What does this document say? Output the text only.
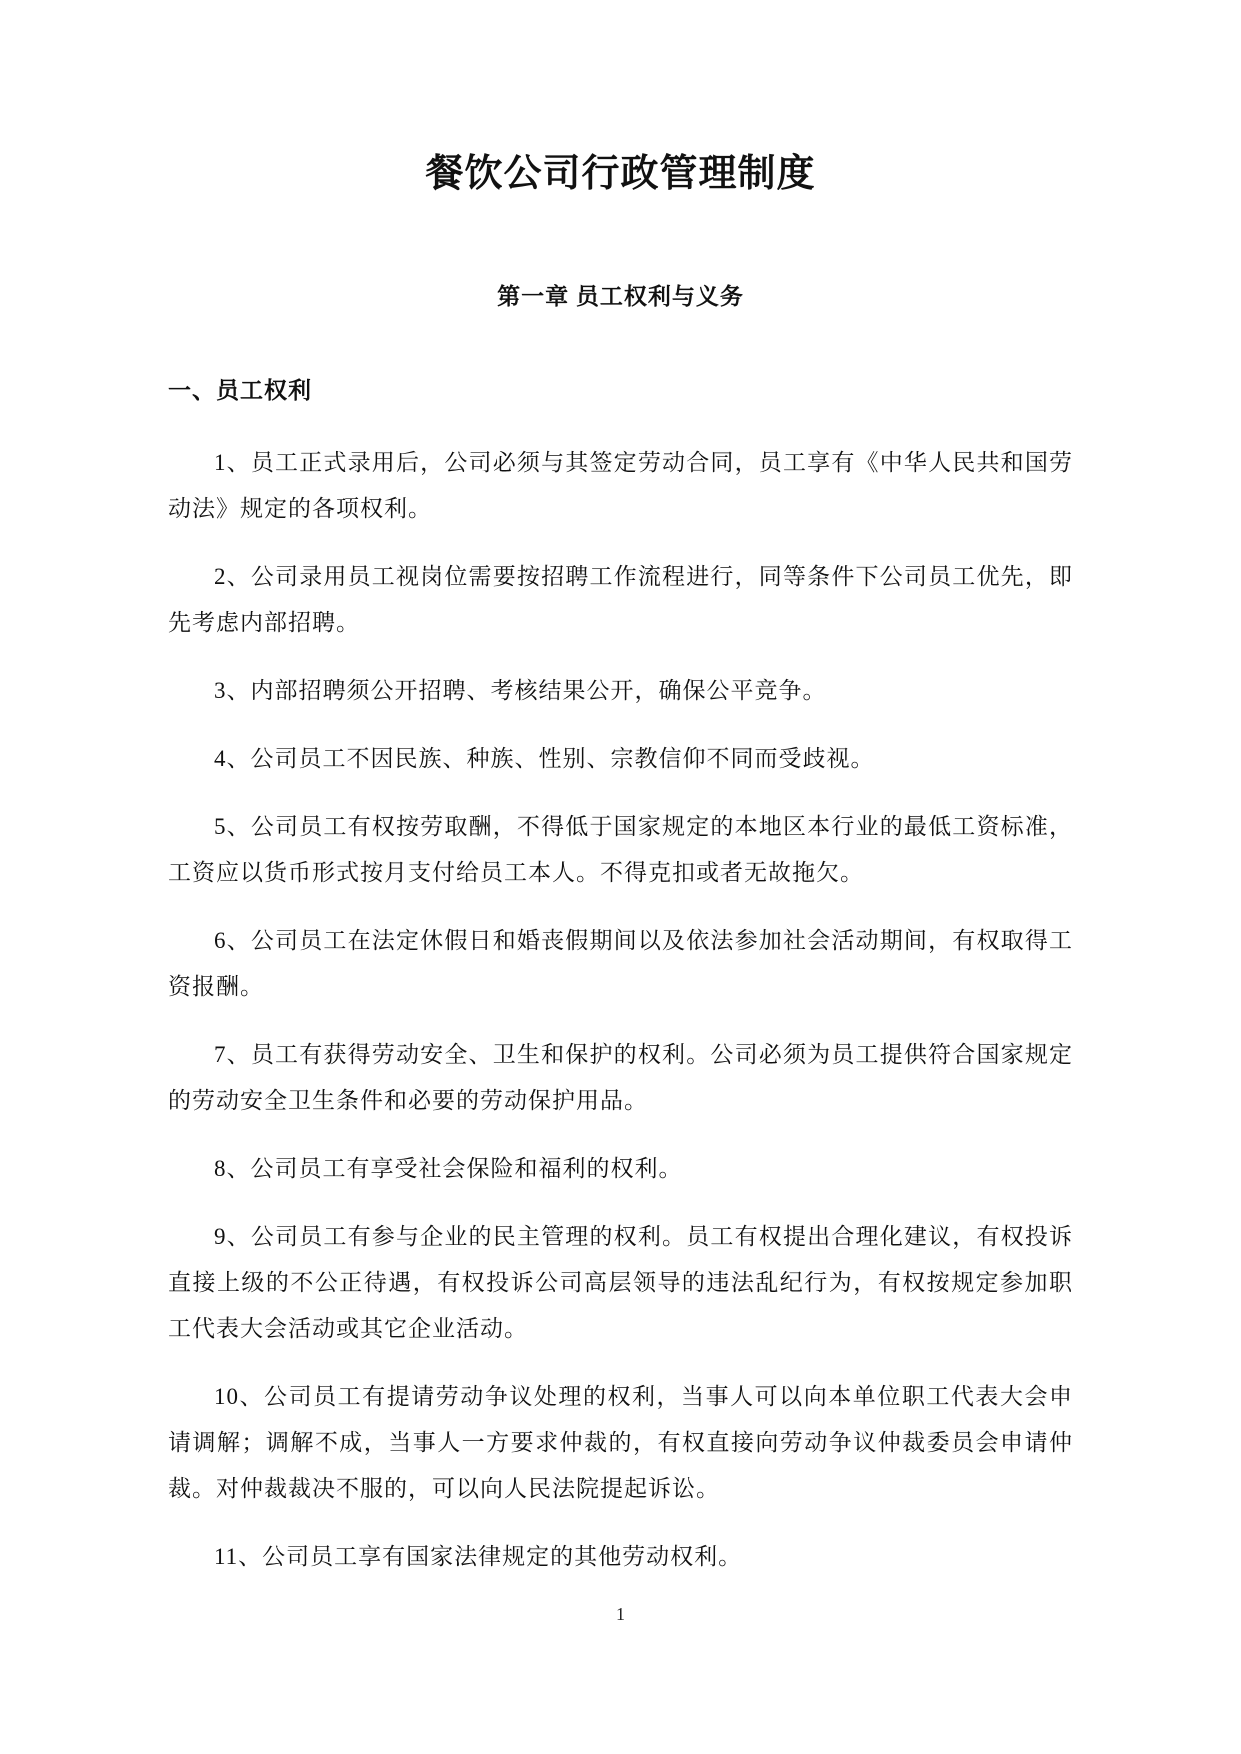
餐饮公司行政管理制度
第一章 员工权利与义务
一、员工权利

1、员工正式录用后，公司必须与其签定劳动合同，员工享有《中华人民共和国劳动法》规定的各项权利。

2、公司录用员工视岗位需要按招聘工作流程进行，同等条件下公司员工优先，即先考虑内部招聘。

3、内部招聘须公开招聘、考核结果公开，确保公平竞争。

4、公司员工不因民族、种族、性别、宗教信仰不同而受歧视。

5、公司员工有权按劳取酬，不得低于国家规定的本地区本行业的最低工资标准，工资应以货币形式按月支付给员工本人。不得克扣或者无故拖欠。

6、公司员工在法定休假日和婚丧假期间以及依法参加社会活动期间，有权取得工资报酬。

7、员工有获得劳动安全、卫生和保护的权利。公司必须为员工提供符合国家规定的劳动安全卫生条件和必要的劳动保护用品。

8、公司员工有享受社会保险和福利的权利。

9、公司员工有参与企业的民主管理的权利。员工有权提出合理化建议，有权投诉直接上级的不公正待遇，有权投诉公司高层领导的违法乱纪行为，有权按规定参加职工代表大会活动或其它企业活动。

10、公司员工有提请劳动争议处理的权利，当事人可以向本单位职工代表大会申请调解；调解不成，当事人一方要求仲裁的，有权直接向劳动争议仲裁委员会申请仲裁。对仲裁裁决不服的，可以向人民法院提起诉讼。

11、公司员工享有国家法律规定的其他劳动权利。

1
